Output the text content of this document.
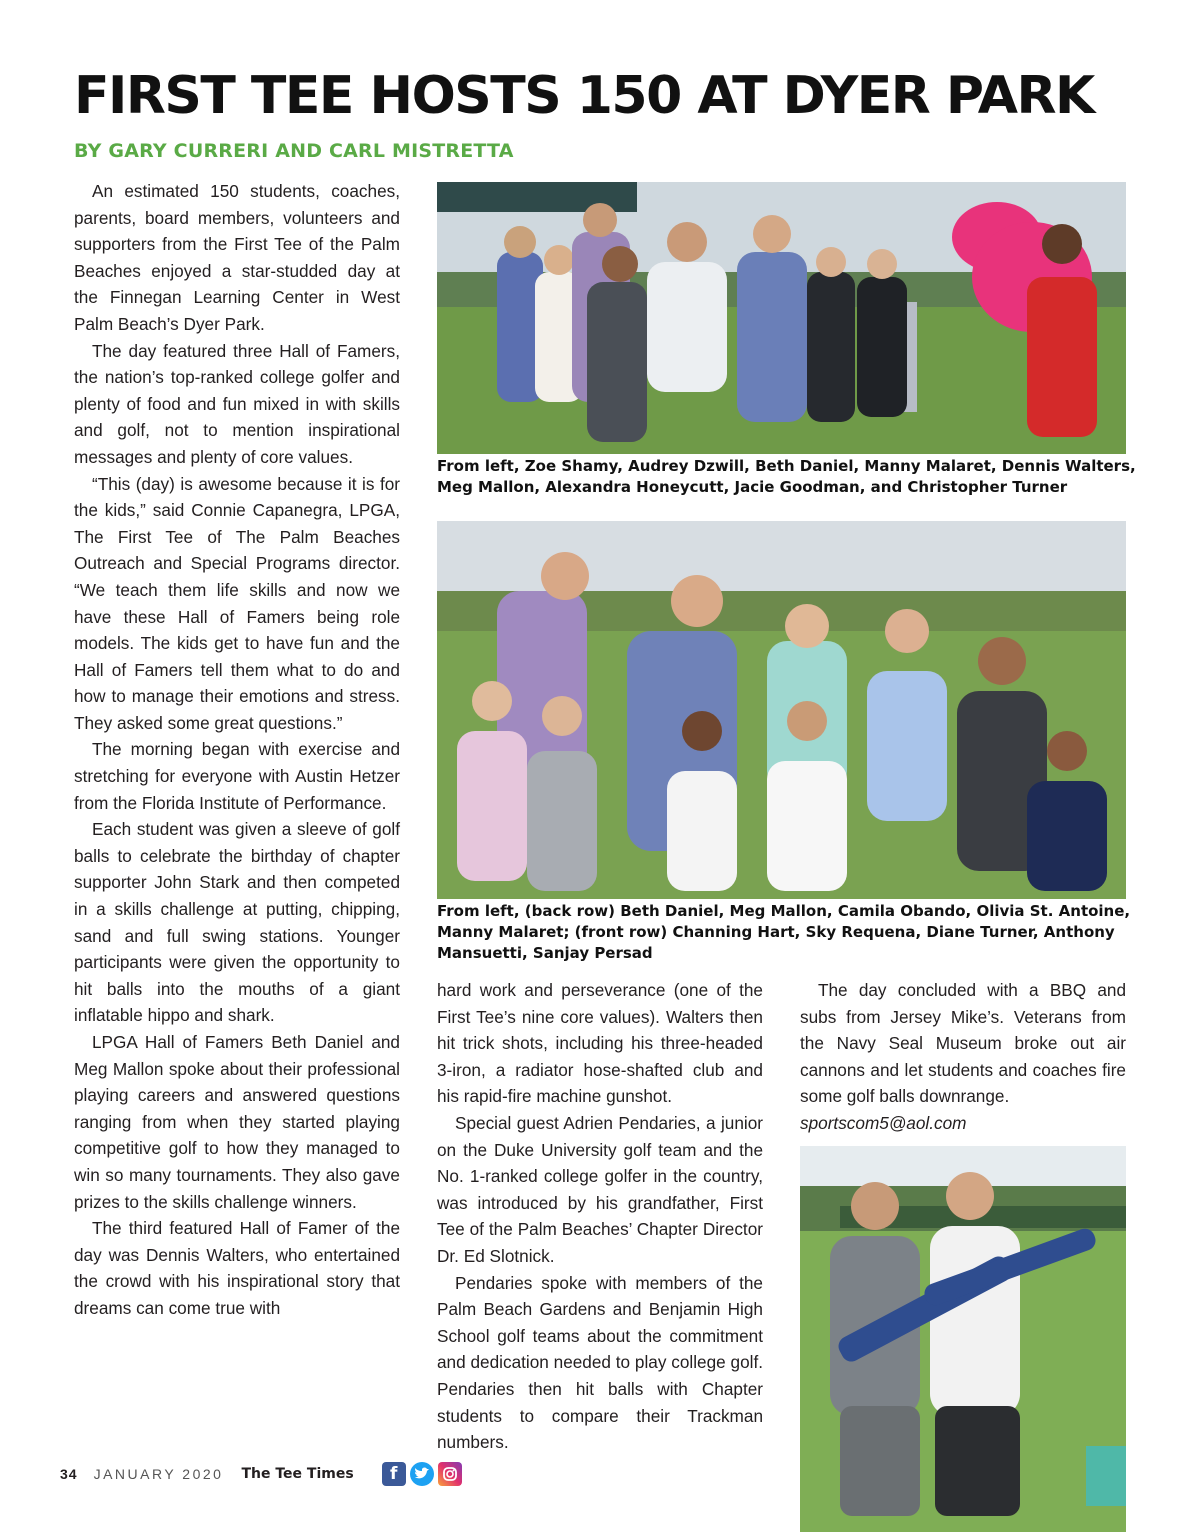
FIRST TEE HOSTS 150 AT DYER PARK

BY GARY CURRERI AND CARL MISTRETTA

An estimated 150 students, coaches, parents, board members, volunteers and supporters from the First Tee of the Palm Beaches enjoyed a star-studded day at the Finnegan Learning Center in West Palm Beach’s Dyer Park.

The day featured three Hall of Famers, the nation’s top-ranked college golfer and plenty of food and fun mixed in with skills and golf, not to mention inspirational messages and plenty of core values.

“This (day) is awesome because it is for the kids,” said Connie Capanegra, LPGA, The First Tee of The Palm Beaches Outreach and Special Programs director. “We teach them life skills and now we have these Hall of Famers being role models. The kids get to have fun and the Hall of Famers tell them what to do and how to manage their emotions and stress. They asked some great questions.”

The morning began with exercise and stretching for everyone with Austin Hetzer from the Florida Institute of Performance.

Each student was given a sleeve of golf balls to celebrate the birthday of chapter supporter John Stark and then competed in a skills challenge at putting, chipping, sand and full swing stations. Younger participants were given the opportunity to hit balls into the mouths of a giant inflatable hippo and shark.

LPGA Hall of Famers Beth Daniel and Meg Mallon spoke about their professional playing careers and answered questions ranging from when they started playing competitive golf to how they managed to win so many tournaments. They also gave prizes to the skills challenge winners.

The third featured Hall of Famer of the day was Dennis Walters, who entertained the crowd with his inspirational story that dreams can come true with

From left, Zoe Shamy, Audrey Dzwill, Beth Daniel, Manny Malaret, Dennis Walters, Meg Mallon, Alexandra Honeycutt, Jacie Goodman, and Christopher Turner

From left, (back row) Beth Daniel, Meg Mallon, Camila Obando, Olivia St. Antoine, Manny Malaret; (front row) Channing Hart, Sky Requena, Diane Turner, Anthony Mansuetti, Sanjay Persad

hard work and perseverance (one of the First Tee’s nine core values). Walters then hit trick shots, including his three-headed 3-iron, a radiator hose-shafted club and his rapid-fire machine gunshot.

Special guest Adrien Pendaries, a junior on the Duke University golf team and the No. 1-ranked college golfer in the country, was introduced by his grandfather, First Tee of the Palm Beaches’ Chapter Director Dr. Ed Slotnick.

Pendaries spoke with members of the Palm Beach Gardens and Benjamin High School golf teams about the commitment and dedication needed to play college golf. Pendaries then hit balls with Chapter students to compare their Trackman numbers.

The day concluded with a BBQ and subs from Jersey Mike’s. Veterans from the Navy Seal Museum broke out air cannons and let students and coaches fire some golf balls downrange.

sportscom5@aol.com

34 JANUARY 2020 The Tee Times	f
